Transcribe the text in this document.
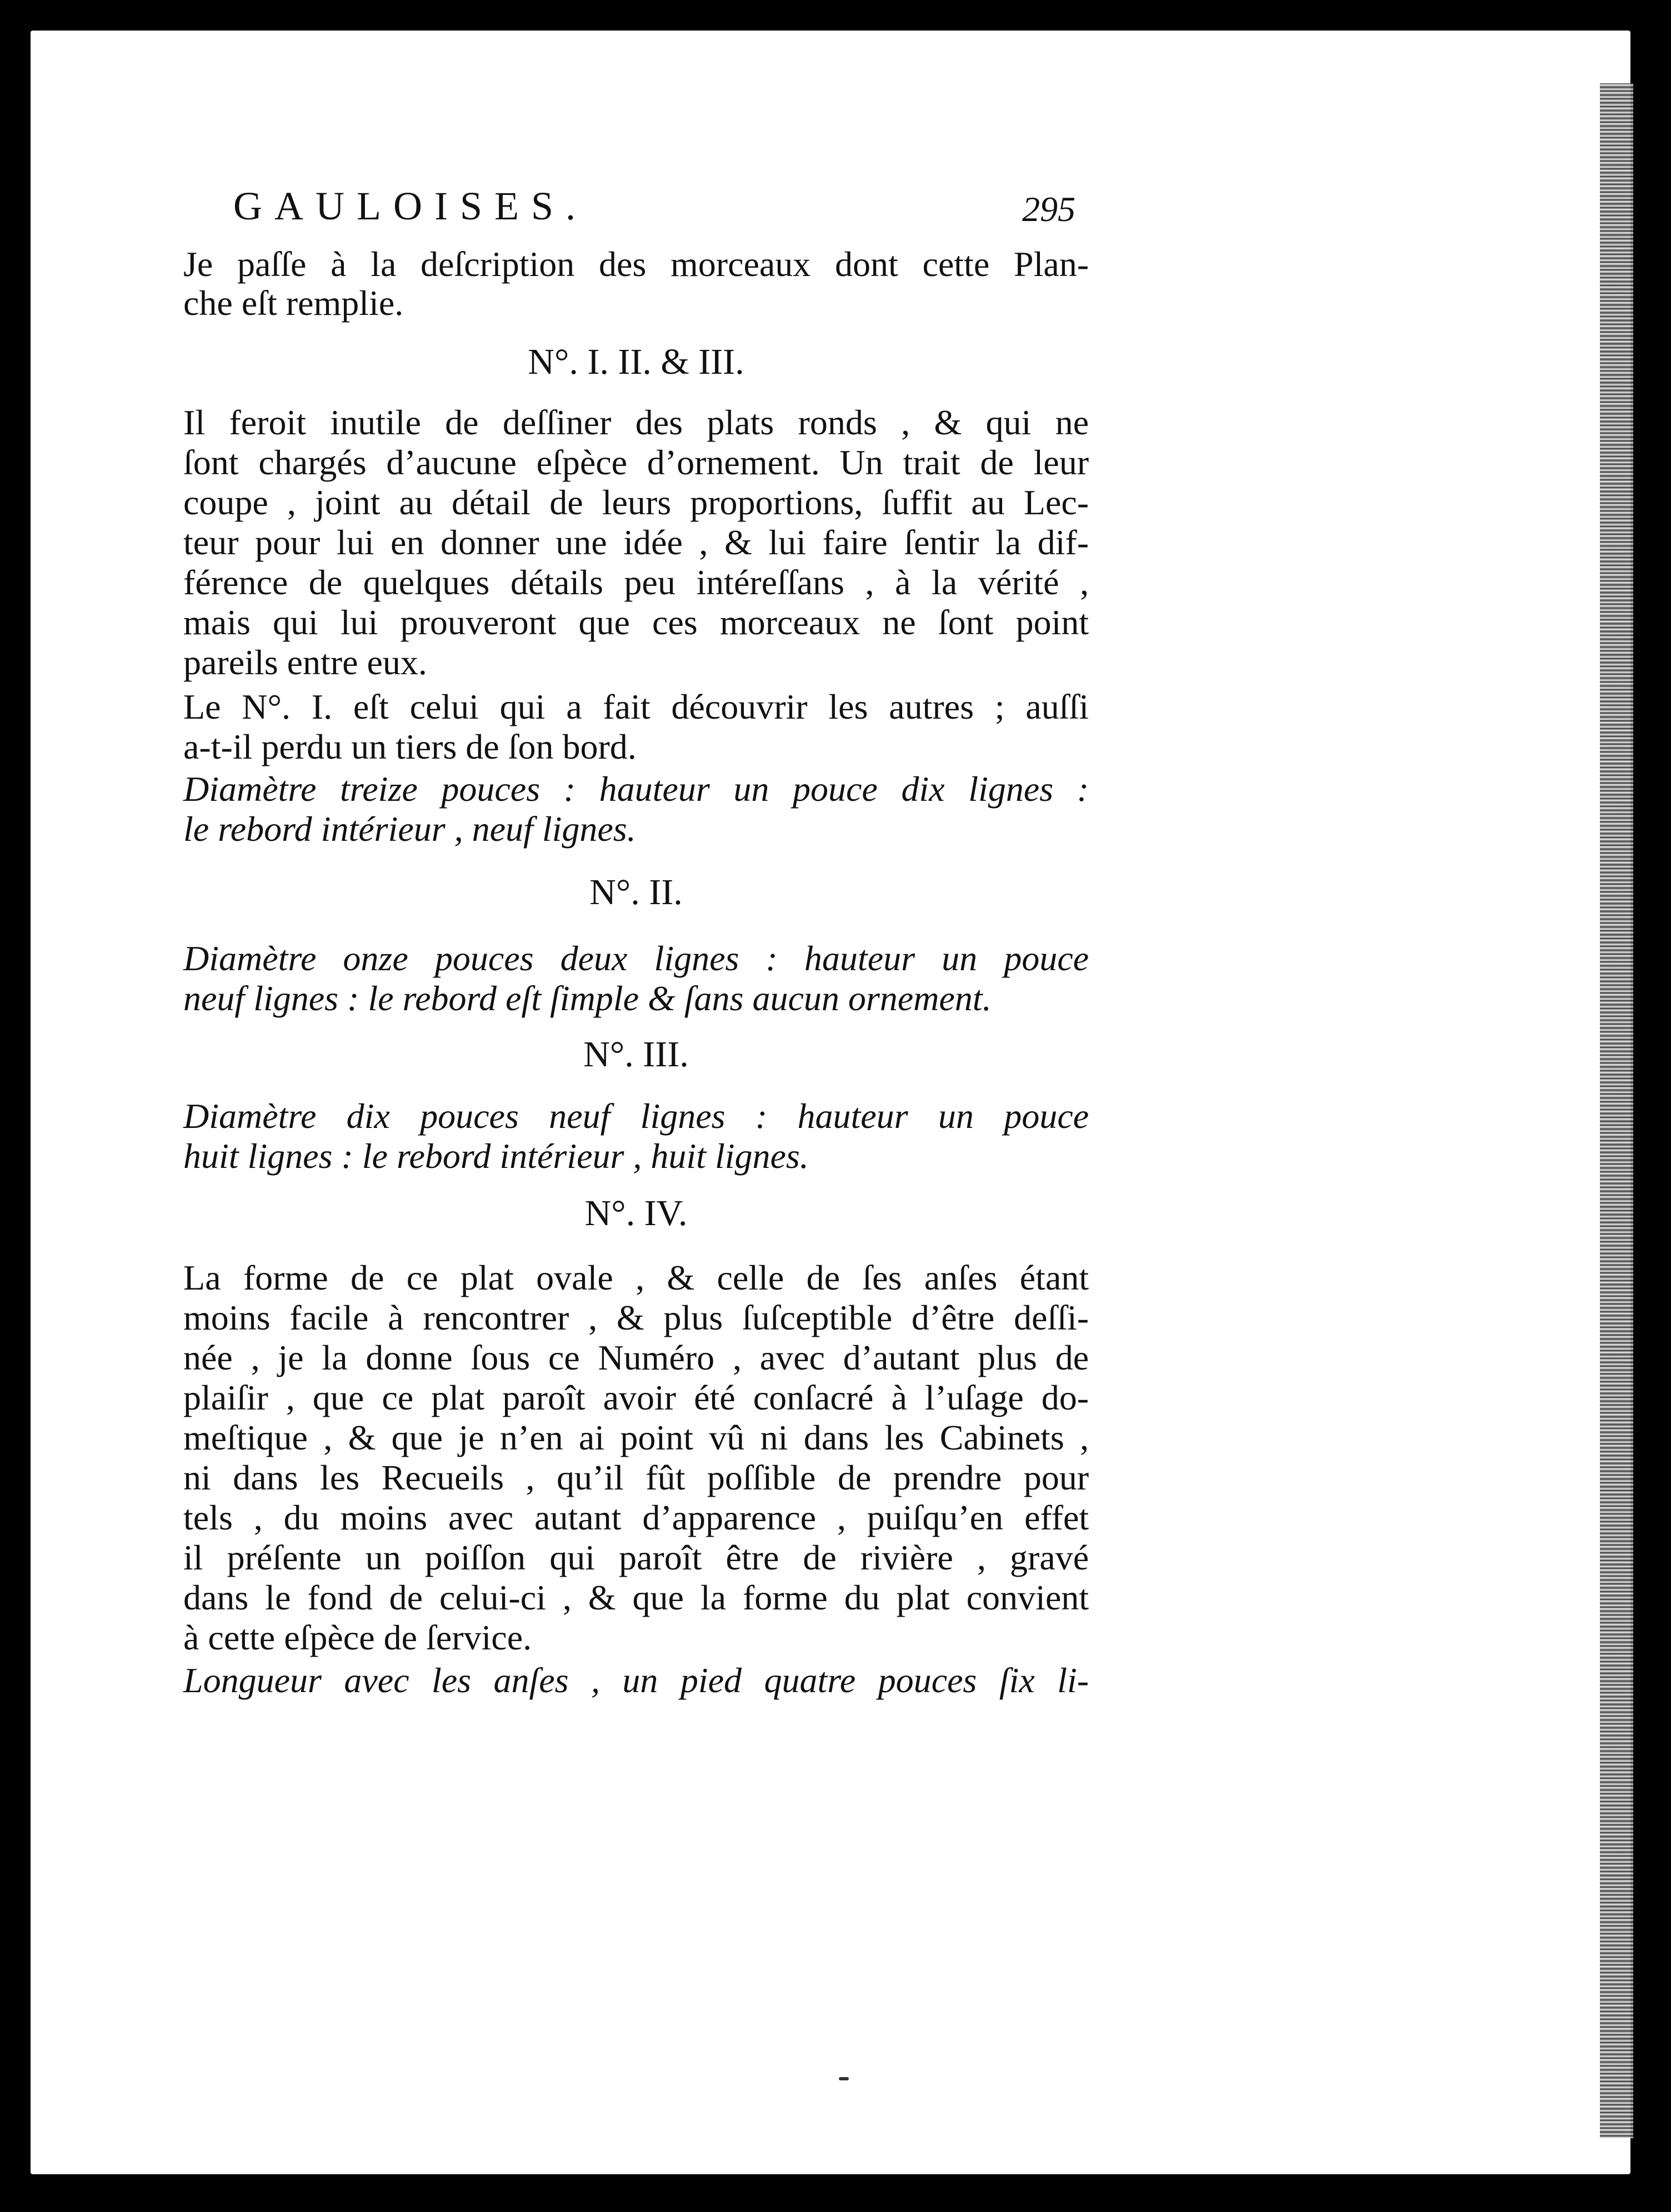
GAULOISES.	295
Je paſſe à la deſcription des morceaux dont cette Plan-
che eſt remplie.
N°. I. II. & III.
Il feroit inutile de deſſiner des plats ronds , & qui ne
ſont chargés d’aucune eſpèce d’ornement. Un trait de leur
coupe , joint au détail de leurs proportions, ſuffit au Lec-
teur pour lui en donner une idée , & lui faire ſentir la dif-
férence de quelques détails peu intéreſſans , à la vérité ,
mais qui lui prouveront que ces morceaux ne ſont point
pareils entre eux.
Le N°. I. eſt celui qui a fait découvrir les autres ; auſſi
a-t-il perdu un tiers de ſon bord.
Diamètre treize pouces : hauteur un pouce dix lignes :
le rebord intérieur , neuf lignes.
N°. II.
Diamètre onze pouces deux lignes : hauteur un pouce
neuf lignes : le rebord eſt ſimple & ſans aucun ornement.
N°. III.
Diamètre dix pouces neuf lignes : hauteur un pouce
huit lignes : le rebord intérieur , huit lignes.
N°. IV.
La forme de ce plat ovale , & celle de ſes anſes étant
moins facile à rencontrer , & plus ſuſceptible d’être deſſi-
née , je la donne ſous ce Numéro , avec d’autant plus de
plaiſir , que ce plat paroît avoir été conſacré à l’uſage do-
meſtique , & que je n’en ai point vû ni dans les Cabinets ,
ni dans les Recueils , qu’il fût poſſible de prendre pour
tels , du moins avec autant d’apparence , puiſqu’en effet
il préſente un poiſſon qui paroît être de rivière , gravé
dans le fond de celui-ci , & que la forme du plat convient
à cette eſpèce de ſervice.
Longueur avec les anſes , un pied quatre pouces ſix li-
